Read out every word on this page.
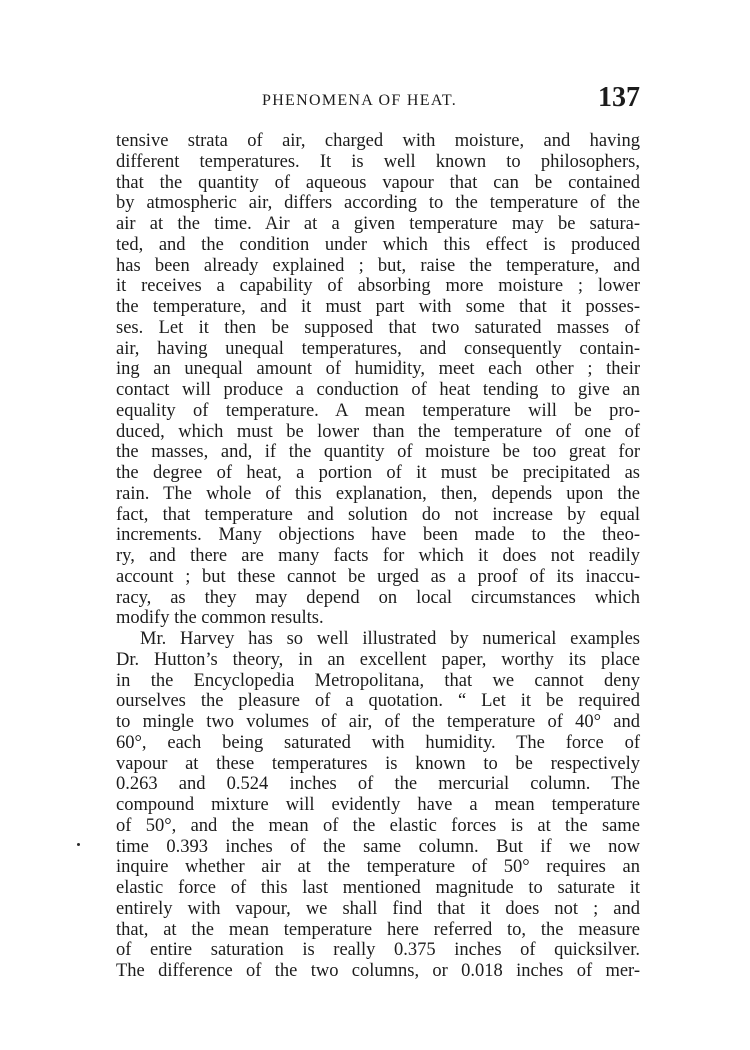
PHENOMENA OF HEAT.	137
tensive strata of air, charged with moisture, and having
different temperatures. It is well known to philosophers,
that the quantity of aqueous vapour that can be contained
by atmospheric air, differs according to the temperature of the
air at the time. Air at a given temperature may be satura-
ted, and the condition under which this effect is produced
has been already explained ; but, raise the temperature, and
it receives a capability of absorbing more moisture ; lower
the temperature, and it must part with some that it posses-
ses. Let it then be supposed that two saturated masses of
air, having unequal temperatures, and consequently contain-
ing an unequal amount of humidity, meet each other ; their
contact will produce a conduction of heat tending to give an
equality of temperature. A mean temperature will be pro-
duced, which must be lower than the temperature of one of
the masses, and, if the quantity of moisture be too great for
the degree of heat, a portion of it must be precipitated as
rain. The whole of this explanation, then, depends upon the
fact, that temperature and solution do not increase by equal
increments. Many objections have been made to the theo-
ry, and there are many facts for which it does not readily
account ; but these cannot be urged as a proof of its inaccu-
racy, as they may depend on local circumstances which
modify the common results.
Mr. Harvey has so well illustrated by numerical examples
Dr. Hutton’s theory, in an excellent paper, worthy its place
in the Encyclopedia Metropolitana, that we cannot deny
ourselves the pleasure of a quotation. “ Let it be required
to mingle two volumes of air, of the temperature of 40° and
60°, each being saturated with humidity. The force of
vapour at these temperatures is known to be respectively
0.263 and 0.524 inches of the mercurial column. The
compound mixture will evidently have a mean temperature
of 50°, and the mean of the elastic forces is at the same
time 0.393 inches of the same column. But if we now
inquire whether air at the temperature of 50° requires an
elastic force of this last mentioned magnitude to saturate it
entirely with vapour, we shall find that it does not ; and
that, at the mean temperature here referred to, the measure
of entire saturation is really 0.375 inches of quicksilver.
The difference of the two columns, or 0.018 inches of mer-
